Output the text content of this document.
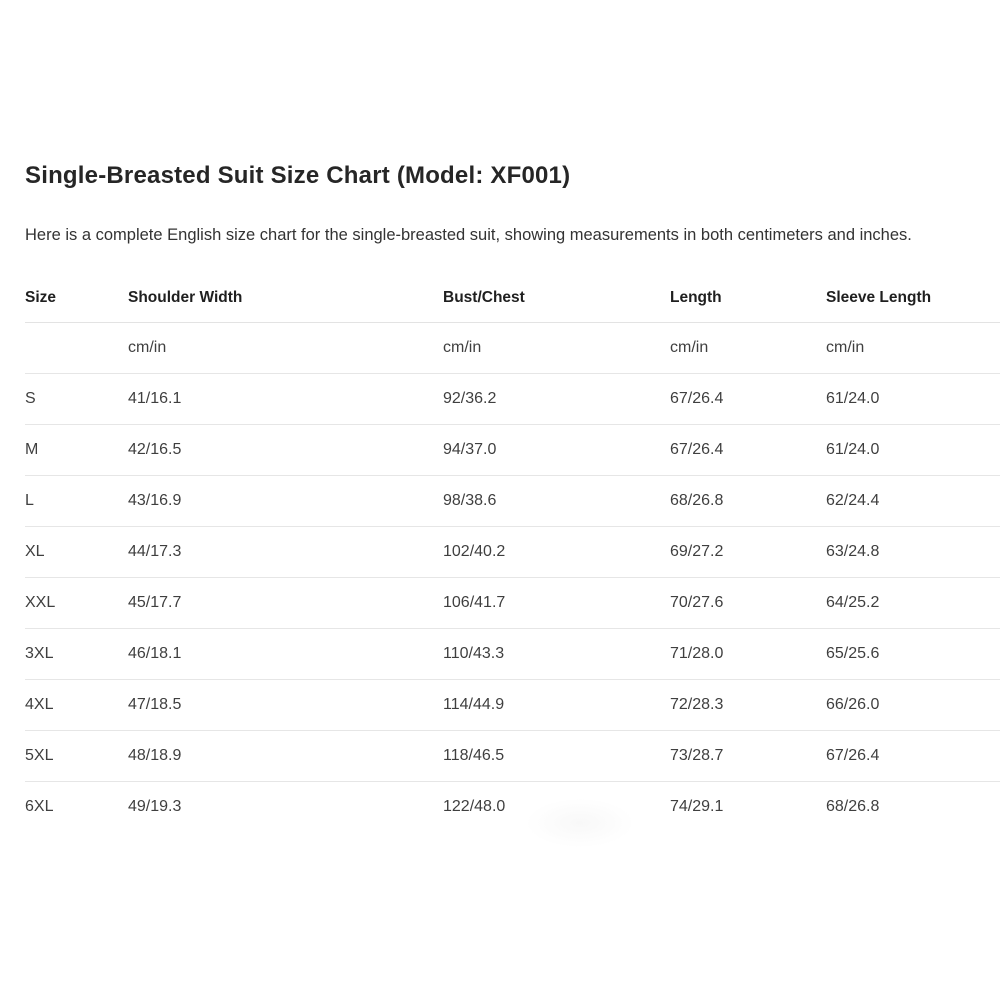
Single-Breasted Suit Size Chart (Model: XF001)

Here is a complete English size chart for the single-breasted suit, showing measurements in both centimeters and inches.

Size	Shoulder Width	Bust/Chest	Length	Sleeve Length
	cm/in	cm/in	cm/in	cm/in
S	41/16.1	92/36.2	67/26.4	61/24.0
M	42/16.5	94/37.0	67/26.4	61/24.0
L	43/16.9	98/38.6	68/26.8	62/24.4
XL	44/17.3	102/40.2	69/27.2	63/24.8
XXL	45/17.7	106/41.7	70/27.6	64/25.2
3XL	46/18.1	110/43.3	71/28.0	65/25.6
4XL	47/18.5	114/44.9	72/28.3	66/26.0
5XL	48/18.9	118/46.5	73/28.7	67/26.4
6XL	49/19.3	122/48.0	74/29.1	68/26.8
